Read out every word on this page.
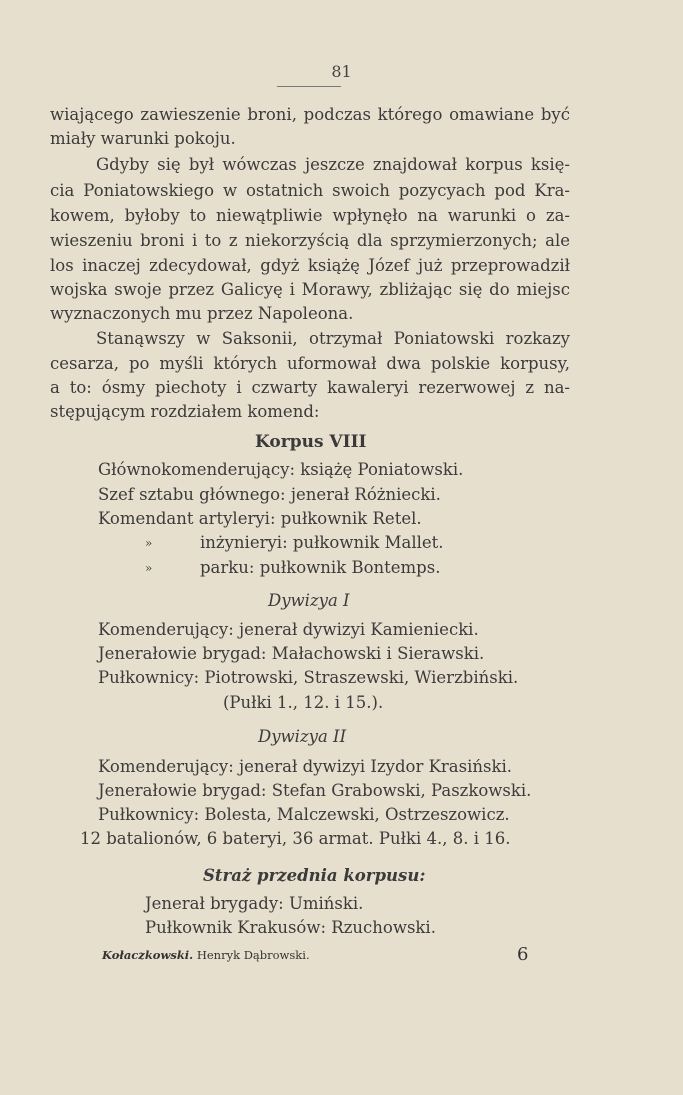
81
wiającego zawieszenie broni, podczas którego omawiane być
miały warunki pokoju.
Gdyby się był wówczas jeszcze znajdował korpus księ-
cia Poniatowskiego w ostatnich swoich pozycyach pod Kra-
kowem, byłoby to niewątpliwie wpłynęło na warunki o za-
wieszeniu broni i to z niekorzyścią dla sprzymierzonych; ale
los inaczej zdecydował, gdyż książę Józef już przeprowadził
wojska swoje przez Galicyę i Morawy, zbliżając się do miejsc
wyznaczonych mu przez Napoleona.
Stanąwszy w Saksonii, otrzymał Poniatowski rozkazy
cesarza, po myśli których uformował dwa polskie korpusy,
a to: ósmy piechoty i czwarty kawaleryi rezerwowej z na-
stępującym rozdziałem komend:
Korpus VIII
Głównokomenderujący: książę Poniatowski.
Szef sztabu głównego: jenerał Różniecki.
Komendant artyleryi: pułkownik Retel.
»	inżynieryi: pułkownik Mallet.
»	parku: pułkownik Bontemps.
Dywizya I
Komenderujący: jenerał dywizyi Kamieniecki.
Jenerałowie brygad: Małachowski i Sierawski.
Pułkownicy: Piotrowski, Straszewski, Wierzbiński.
(Pułki 1., 12. i 15.).
Dywizya II
Komenderujący: jenerał dywizyi Izydor Krasiński.
Jenerałowie brygad: Stefan Grabowski, Paszkowski.
Pułkownicy: Bolesta, Malczewski, Ostrzeszowicz.
12 batalionów, 6 bateryi, 36 armat. Pułki 4., 8. i 16.
Straż przednia korpusu:
Jenerał brygady: Umiński.
Pułkownik Krakusów: Rzuchowski.
Kołaczkowski. Henryk Dąbrowski.	6
